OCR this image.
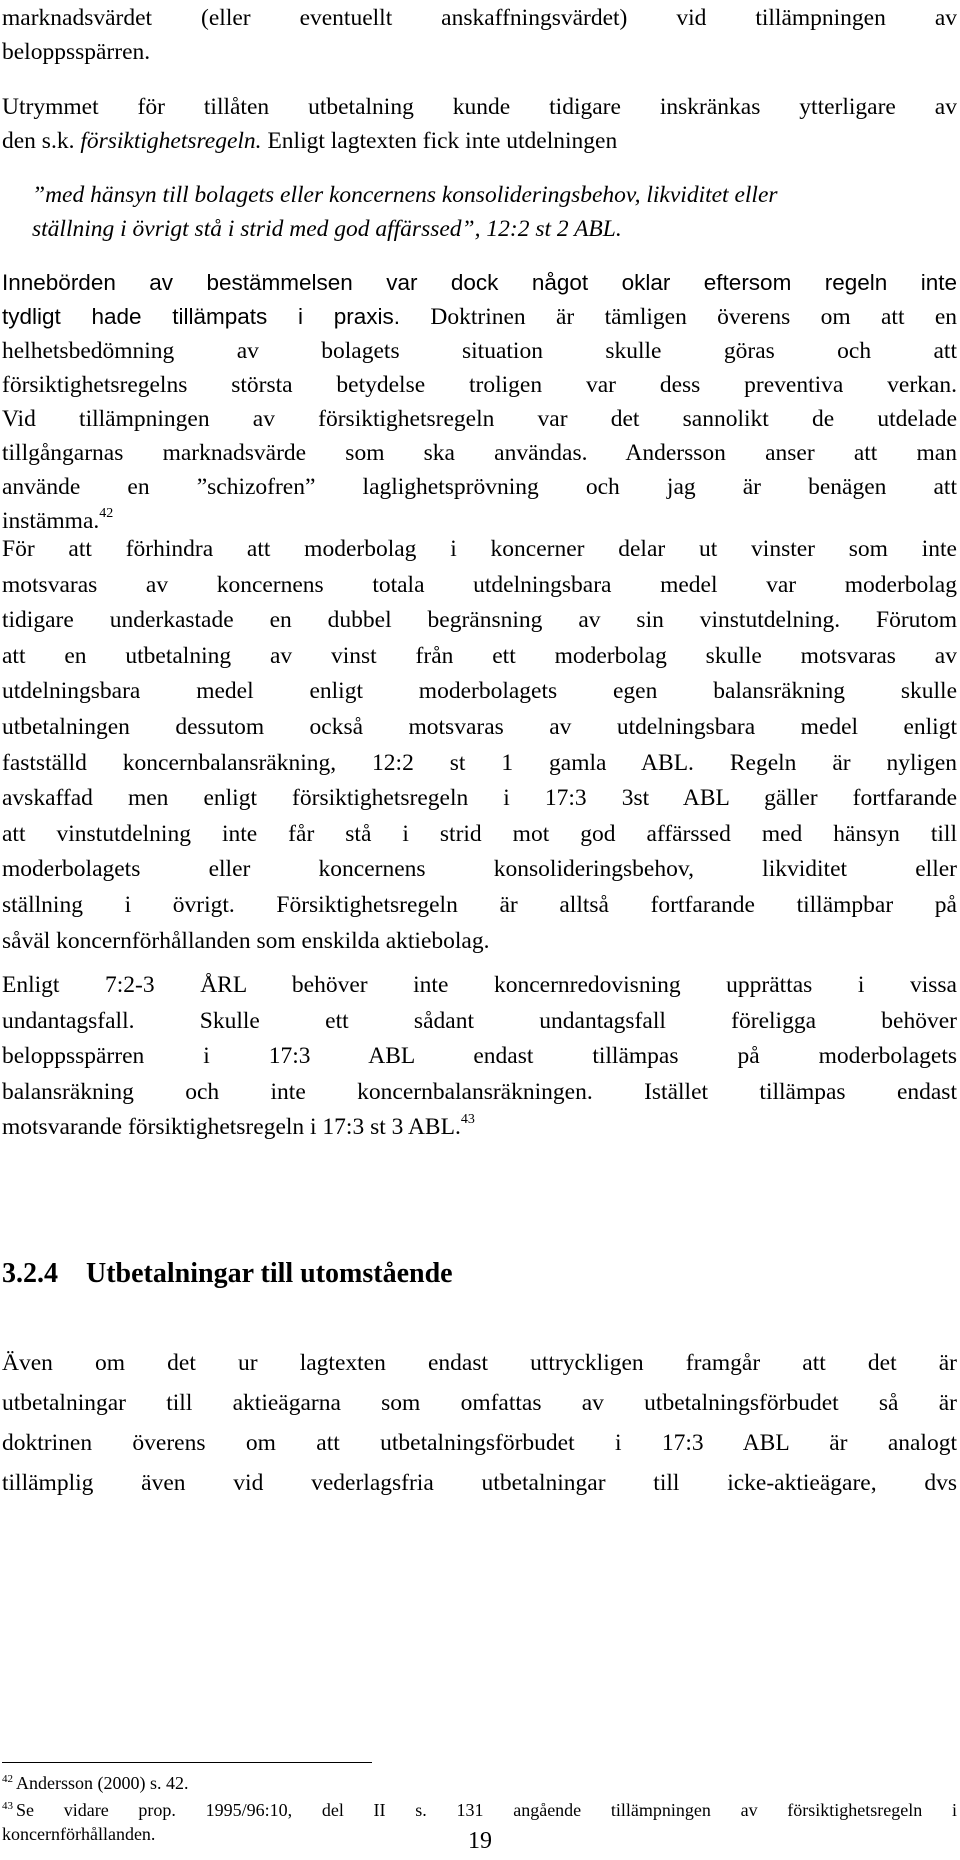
marknadsvärdet (eller eventuellt anskaffningsvärdet) vid tillämpningen av
beloppsspärren.
Utrymmet för tillåten utbetalning kunde tidigare inskränkas ytterligare av
den s.k. försiktighetsregeln. Enligt lagtexten fick inte utdelningen
”med hänsyn till bolagets eller koncernens konsolideringsbehov, likviditet eller
ställning i övrigt stå i strid med god affärssed”, 12:2 st 2 ABL.
Innebörden av bestämmelsen var dock något oklar eftersom regeln inte
tydligt hade tillämpats i praxis. Doktrinen är tämligen överens om att en
helhetsbedömning av bolagets situation skulle göras och att
försiktighetsregelns största betydelse troligen var dess preventiva verkan.
Vid tillämpningen av försiktighetsregeln var det sannolikt de utdelade
tillgångarnas marknadsvärde som ska användas. Andersson anser att man
använde en ”schizofren” laglighetsprövning och jag är benägen att
instämma.$^{42}$
För att förhindra att moderbolag i koncerner delar ut vinster som inte
motsvaras av koncernens totala utdelningsbara medel var moderbolag
tidigare underkastade en dubbel begränsning av sin vinstutdelning. Förutom
att en utbetalning av vinst från ett moderbolag skulle motsvaras av
utdelningsbara medel enligt moderbolagets egen balansräkning skulle
utbetalningen dessutom också motsvaras av utdelningsbara medel enligt
fastställd koncernbalansräkning, 12:2 st 1 gamla ABL. Regeln är nyligen
avskaffad men enligt försiktighetsregeln i 17:3 3st ABL gäller fortfarande
att vinstutdelning inte får stå i strid mot god affärssed med hänsyn till
moderbolagets eller koncernens konsolideringsbehov, likviditet eller
ställning i övrigt. Försiktighetsregeln är alltså fortfarande tillämpbar på
såväl koncernförhållanden som enskilda aktiebolag.
Enligt 7:2-3 ÅRL behöver inte koncernredovisning upprättas i vissa
undantagsfall. Skulle ett sådant undantagsfall föreligga behöver
beloppsspärren i 17:3 ABL endast tillämpas på moderbolagets
balansräkning och inte koncernbalansräkningen. Istället tillämpas endast
motsvarande försiktighetsregeln i 17:3 st 3 ABL.$^{43}$
3.2.4 Utbetalningar till utomstående
Även om det ur lagtexten endast uttryckligen framgår att det är
utbetalningar till aktieägarna som omfattas av utbetalningsförbudet så är
doktrinen överens om att utbetalningsförbudet i 17:3 ABL är analogt
tillämplig även vid vederlagsfria utbetalningar till icke-aktieägare, dvs
$^{42}$ Andersson (2000) s. 42.
$^{43}$ Se vidare prop. 1995/96:10, del II s. 131 angående tillämpningen av försiktighetsregeln i
koncernförhållanden.	19
